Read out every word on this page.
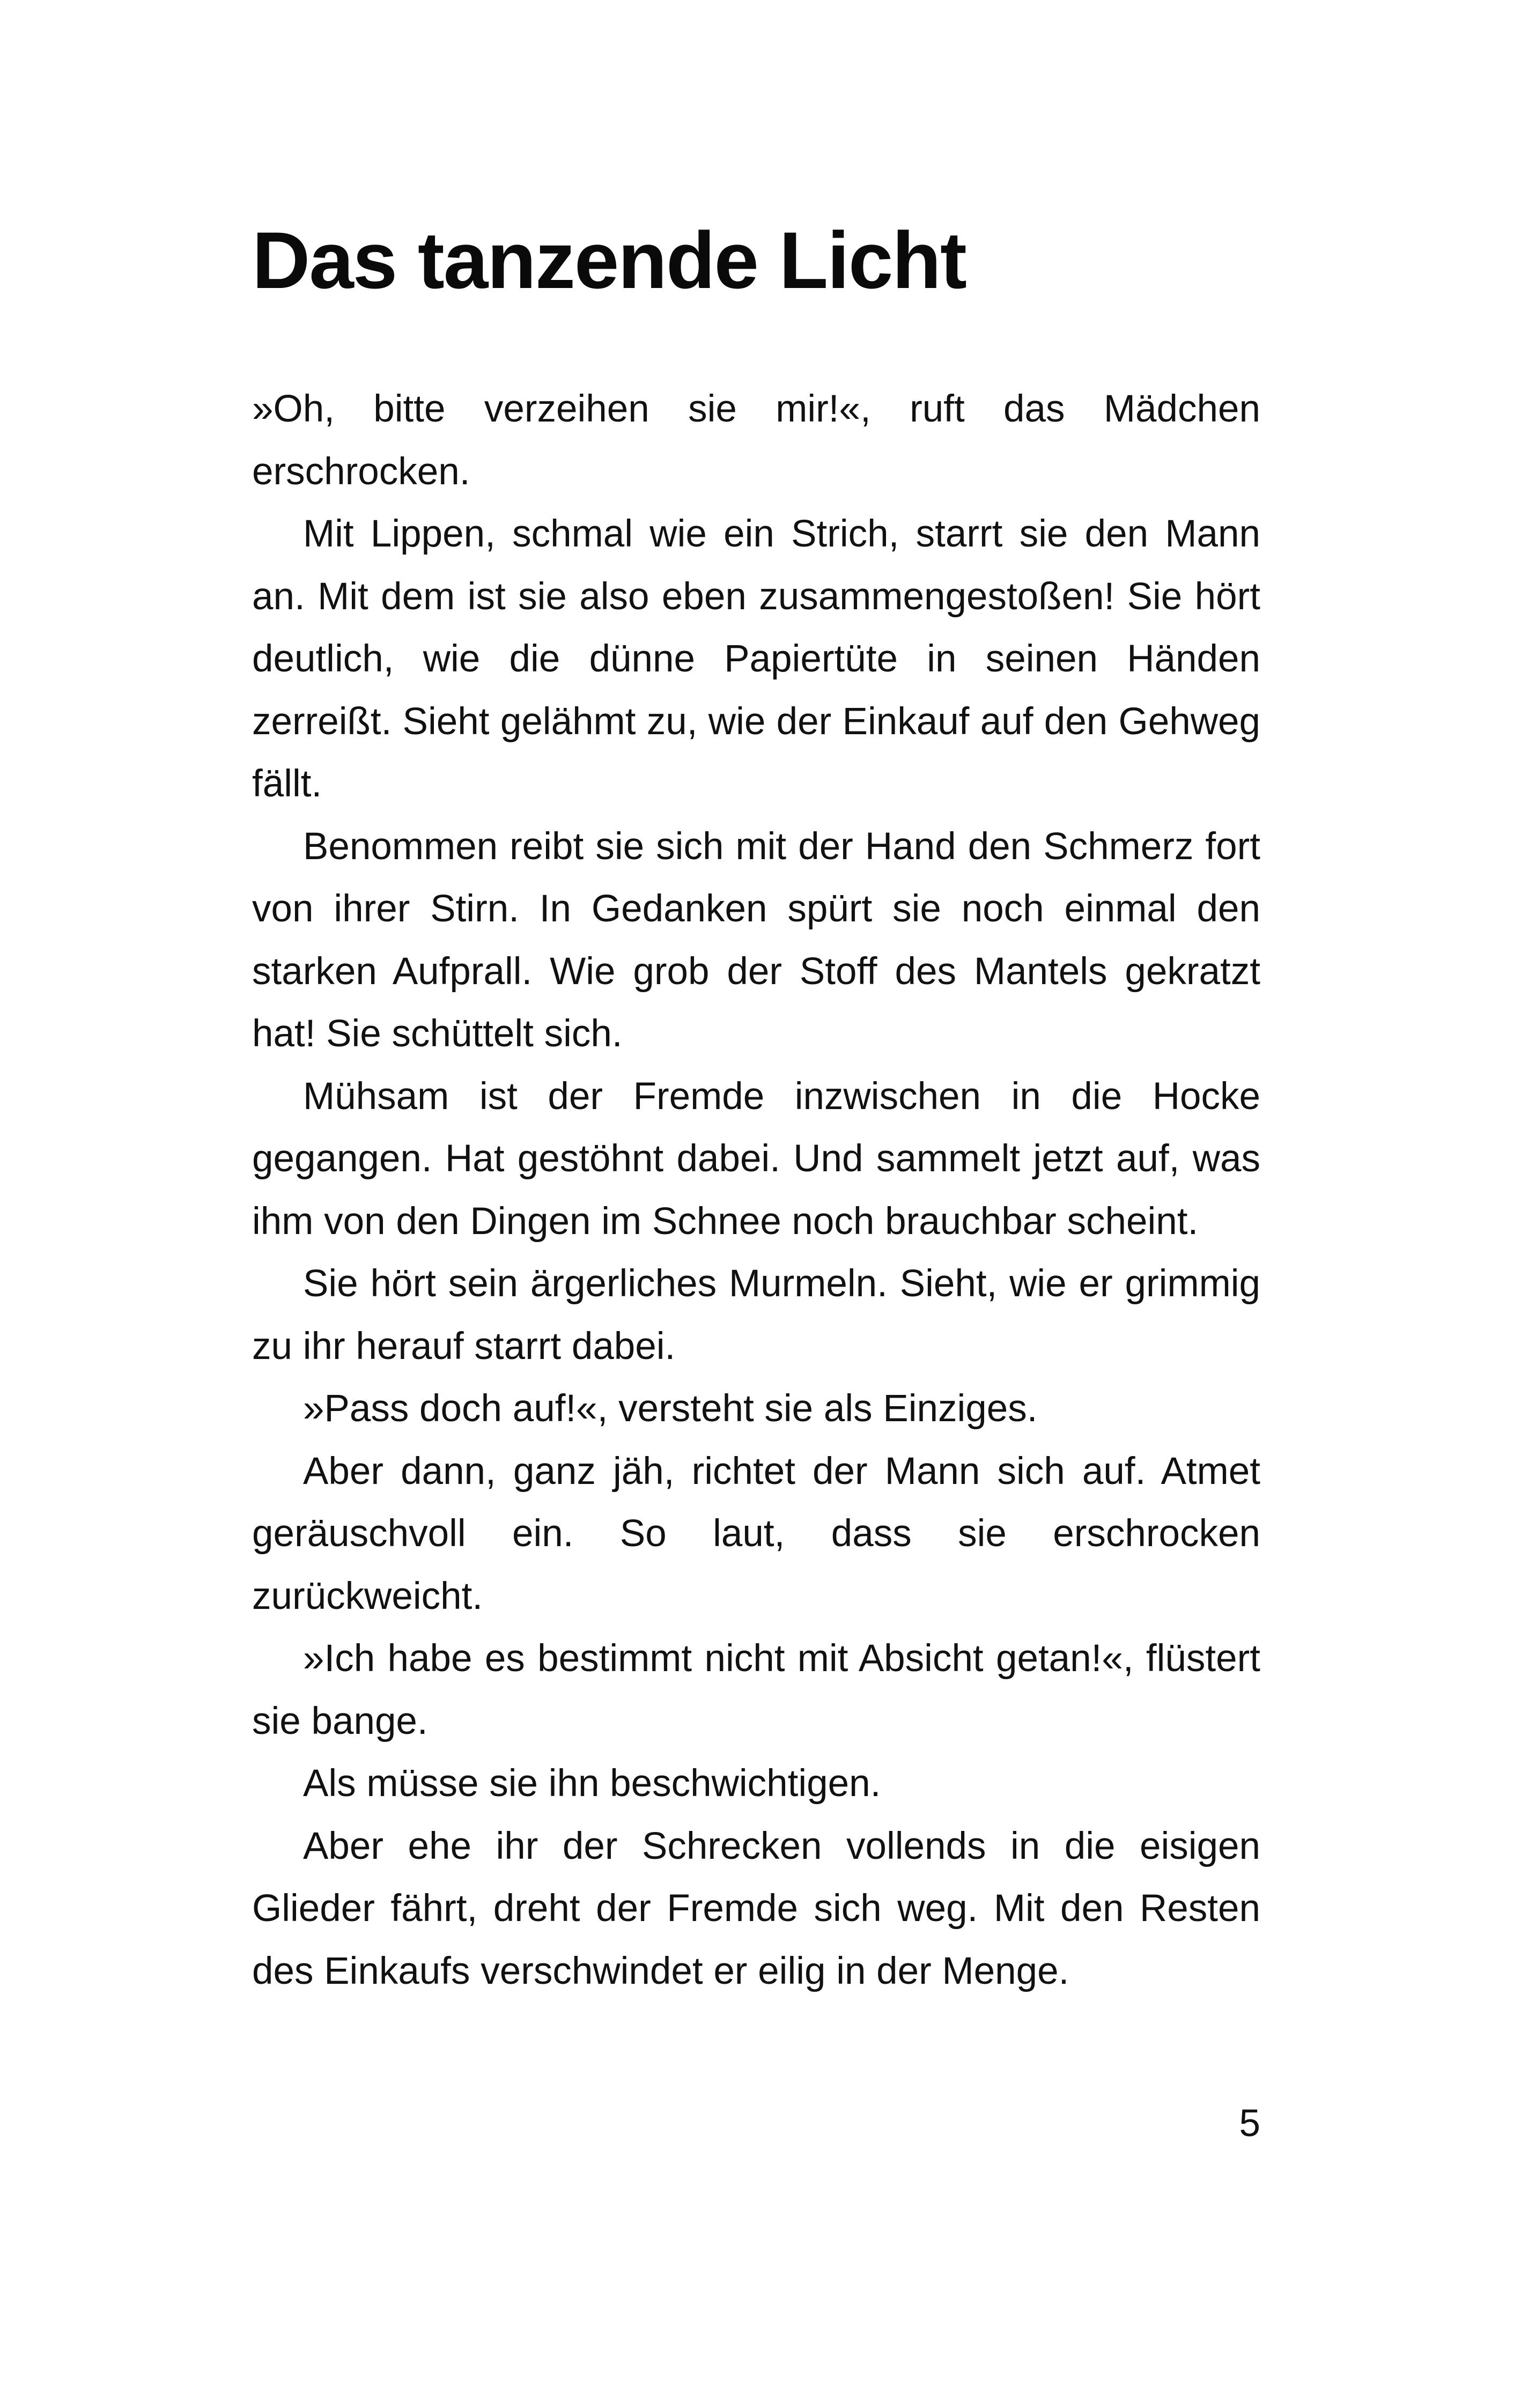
Das tanzende Licht

»Oh, bitte verzeihen sie mir!«, ruft das Mädchen erschrocken.

Mit Lippen, schmal wie ein Strich, starrt sie den Mann an. Mit dem ist sie also eben zusammengestoßen! Sie hört deutlich, wie die dünne Papiertüte in seinen Händen zerreißt. Sieht gelähmt zu, wie der Einkauf auf den Gehweg fällt.

Benommen reibt sie sich mit der Hand den Schmerz fort von ihrer Stirn. In Gedanken spürt sie noch einmal den starken Aufprall. Wie grob der Stoff des Mantels gekratzt hat! Sie schüttelt sich.

Mühsam ist der Fremde inzwischen in die Hocke gegangen. Hat gestöhnt dabei. Und sammelt jetzt auf, was ihm von den Dingen im Schnee noch brauchbar scheint.

Sie hört sein ärgerliches Murmeln. Sieht, wie er grimmig zu ihr herauf starrt dabei.

»Pass doch auf!«, versteht sie als Einziges.

Aber dann, ganz jäh, richtet der Mann sich auf. Atmet geräuschvoll ein. So laut, dass sie erschrocken zurückweicht.

»Ich habe es bestimmt nicht mit Absicht getan!«, flüstert sie bange.

Als müsse sie ihn beschwichtigen.

Aber ehe ihr der Schrecken vollends in die eisigen Glieder fährt, dreht der Fremde sich weg. Mit den Resten des Einkaufs verschwindet er eilig in der Menge.

5
